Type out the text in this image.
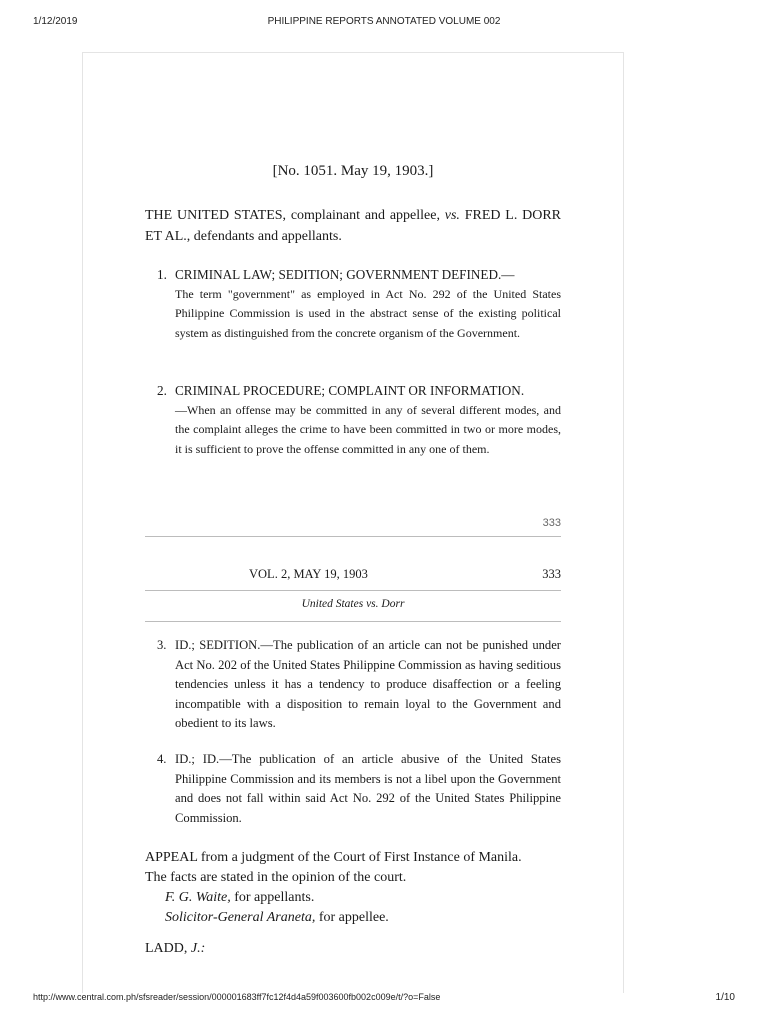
PHILIPPINE REPORTS ANNOTATED VOLUME 002
1/12/2019
[No. 1051. May 19, 1903.]
THE UNITED STATES, complainant and appellee, vs. FRED L. DORR ET AL., defendants and appellants.
1. CRIMINAL LAW; SEDITION; GOVERNMENT DEFINED.—
The term "government" as employed in Act No. 292 of the United States Philippine Commission is used in the abstract sense of the existing political system as distinguished from the concrete organism of the Government.
2. CRIMINAL PROCEDURE; COMPLAINT OR INFORMATION.
—When an offense may be committed in any of several different modes, and the complaint alleges the crime to have been committed in two or more modes, it is sufficient to prove the offense committed in any one of them.
333
VOL. 2, MAY 19, 1903	333
United States vs. Dorr
3. ID.; SEDITION.—The publication of an article can not be punished under Act No. 202 of the United States Philippine Commission as having seditious tendencies unless it has a tendency to produce disaffection or a feeling incompatible with a disposition to remain loyal to the Government and obedient to its laws.
4. ID.; ID.—The publication of an article abusive of the United States Philippine Commission and its members is not a libel upon the Government and does not fall within said Act No. 292 of the United States Philippine Commission.
APPEAL from a judgment of the Court of First Instance of Manila.
The facts are stated in the opinion of the court.
F. G. Waite, for appellants.
Solicitor-General Araneta, for appellee.
LADD, J.:
http://www.central.com.ph/sfsreader/session/000001683ff7fc12f4d4a59f003600fb002c009e/t/?o=False	1/10
